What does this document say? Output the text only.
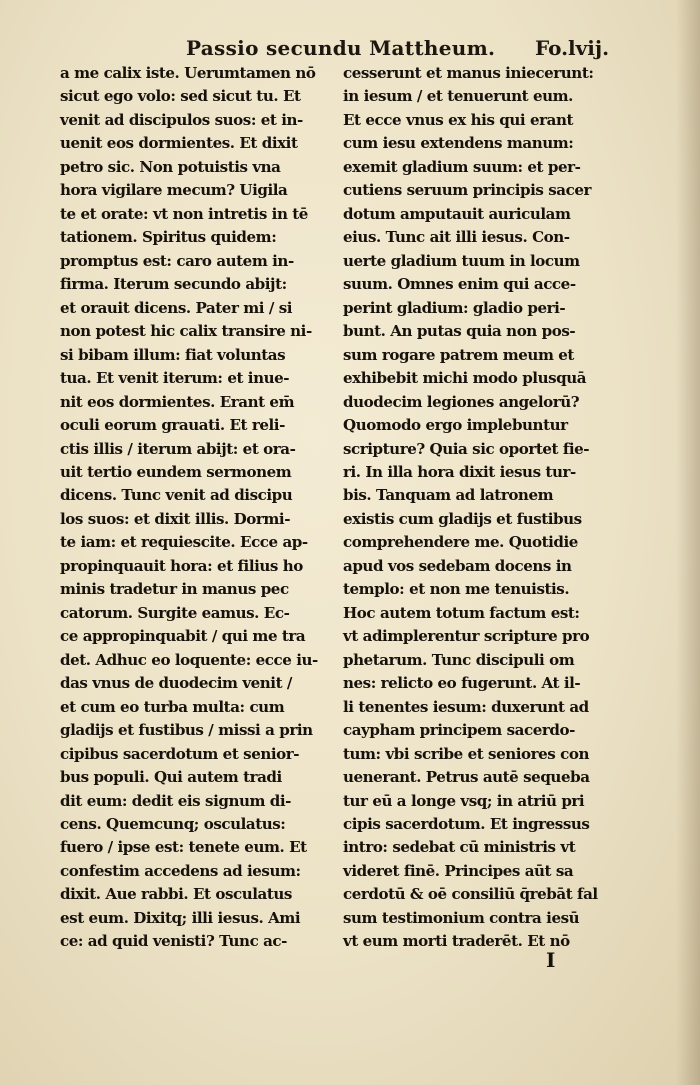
Passio secundu Mattheum. Fo.lvij.
a me calix iste. Uerumtamen nō
sicut ego volo: sed sicut tu. Et
venit ad discipulos suos: et in-
uenit eos dormientes. Et dixit
petro sic. Non potuistis vna
hora vigilare mecum? Uigila
te et orate: vt non intretis in tē
tationem. Spiritus quidem:
promptus est: caro autem in-
firma. Iterum secundo abijt:
et orauit dicens. Pater mi / si
non potest hic calix transire ni-
si bibam illum: fiat voluntas
tua. Et venit iterum: et inue-
nit eos dormientes. Erant em̄
oculi eorum grauati. Et reli-
ctis illis / iterum abijt: et ora-
uit tertio eundem sermonem
dicens. Tunc venit ad discipu
los suos: et dixit illis. Dormi-
te iam: et requiescite. Ecce ap-
propinquauit hora: et filius ho
minis tradetur in manus pec
catorum. Surgite eamus. Ec-
ce appropinquabit / qui me tra
det. Adhuc eo loquente: ecce iu-
das vnus de duodecim venit /
et cum eo turba multa: cum
gladijs et fustibus / missi a prin
cipibus sacerdotum et senior-
bus populi. Qui autem tradi
dit eum: dedit eis signum di-
cens. Quemcunq; osculatus:
fuero / ipse est: tenete eum. Et
confestim accedens ad iesum:
dixit. Aue rabbi. Et osculatus
est eum. Dixitq; illi iesus. Ami
ce: ad quid venisti? Tunc ac-
cesserunt et manus iniecerunt:
in iesum / et tenuerunt eum.
Et ecce vnus ex his qui erant
cum iesu extendens manum:
exemit gladium suum: et per-
cutiens seruum principis sacer
dotum amputauit auriculam
eius. Tunc ait illi iesus. Con-
uerte gladium tuum in locum
suum. Omnes enim qui acce-
perint gladium: gladio peri-
bunt. An putas quia non pos-
sum rogare patrem meum et
exhibebit michi modo plusquā
duodecim legiones angelorū?
Quomodo ergo implebuntur
scripture? Quia sic oportet fie-
ri. In illa hora dixit iesus tur-
bis. Tanquam ad latronem
existis cum gladijs et fustibus
comprehendere me. Quotidie
apud vos sedebam docens in
templo: et non me tenuistis.
Hoc autem totum factum est:
vt adimplerentur scripture pro
phetarum. Tunc discipuli om
nes: relicto eo fugerunt. At il-
li tenentes iesum: duxerunt ad
caypham principem sacerdo-
tum: vbi scribe et seniores con
uenerant. Petrus autē sequeba
tur eū a longe vsq; in atriū pri
cipis sacerdotum. Et ingressus
intro: sedebat cū ministris vt
videret finē. Principes aūt sa
cerdotū & oē consiliū q̄rebāt fal
sum testimonium contra iesū
vt eum morti traderēt. Et nō
I
